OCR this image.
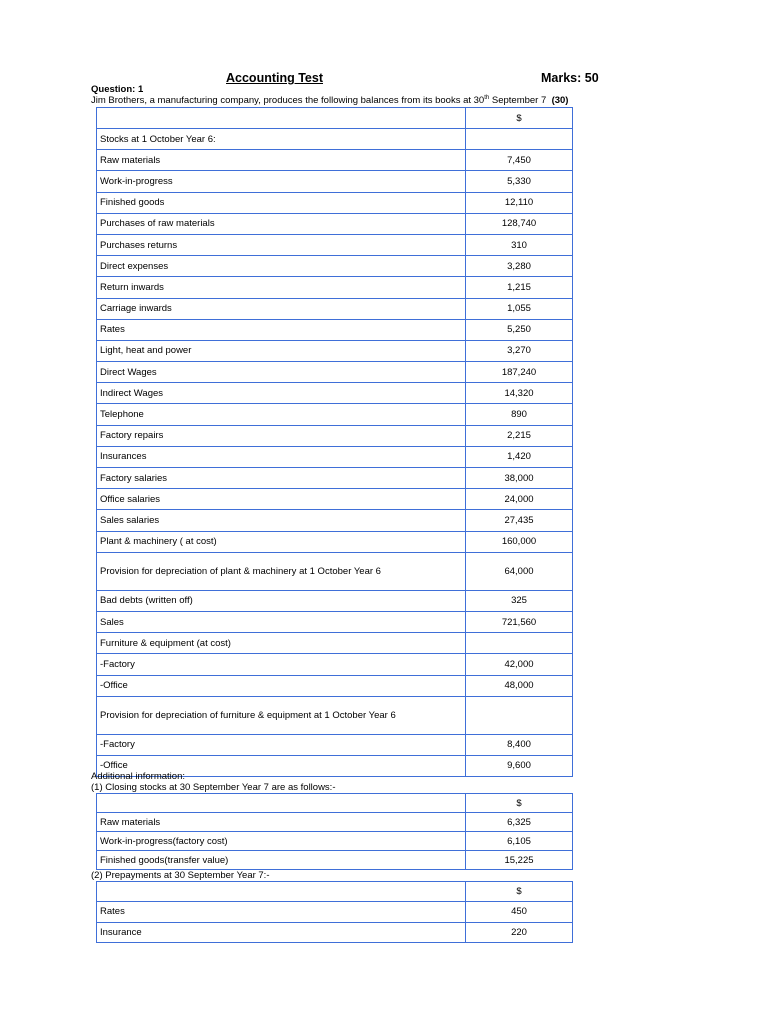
Accounting Test	Marks: 50
Question: 1
Jim Brothers, a manufacturing company, produces the following balances from its books at 30th September 7 (30)
	$
Stocks at 1 October Year 6:	
Raw materials	7,450
Work-in-progress	5,330
Finished goods	12,110
Purchases of raw materials	128,740
Purchases returns	310
Direct expenses	3,280
Return inwards	1,215
Carriage inwards	1,055
Rates	5,250
Light, heat and power	3,270
Direct Wages	187,240
Indirect Wages	14,320
Telephone	890
Factory repairs	2,215
Insurances	1,420
Factory salaries	38,000
Office salaries	24,000
Sales salaries	27,435
Plant & machinery ( at cost)	160,000
Provision for depreciation of plant & machinery at 1 October Year 6	64,000
Bad debts (written off)	325
Sales	721,560
Furniture & equipment (at cost)	
-Factory	42,000
-Office	48,000
Provision for depreciation of furniture & equipment at 1 October Year 6	
-Factory	8,400
-Office	9,600
Additional information:
(1) Closing stocks at 30 September Year 7 are as follows:-
	$
Raw materials	6,325
Work-in-progress(factory cost)	6,105
Finished goods(transfer value)	15,225
(2) Prepayments at 30 September Year 7:-
	$
Rates	450
Insurance	220
